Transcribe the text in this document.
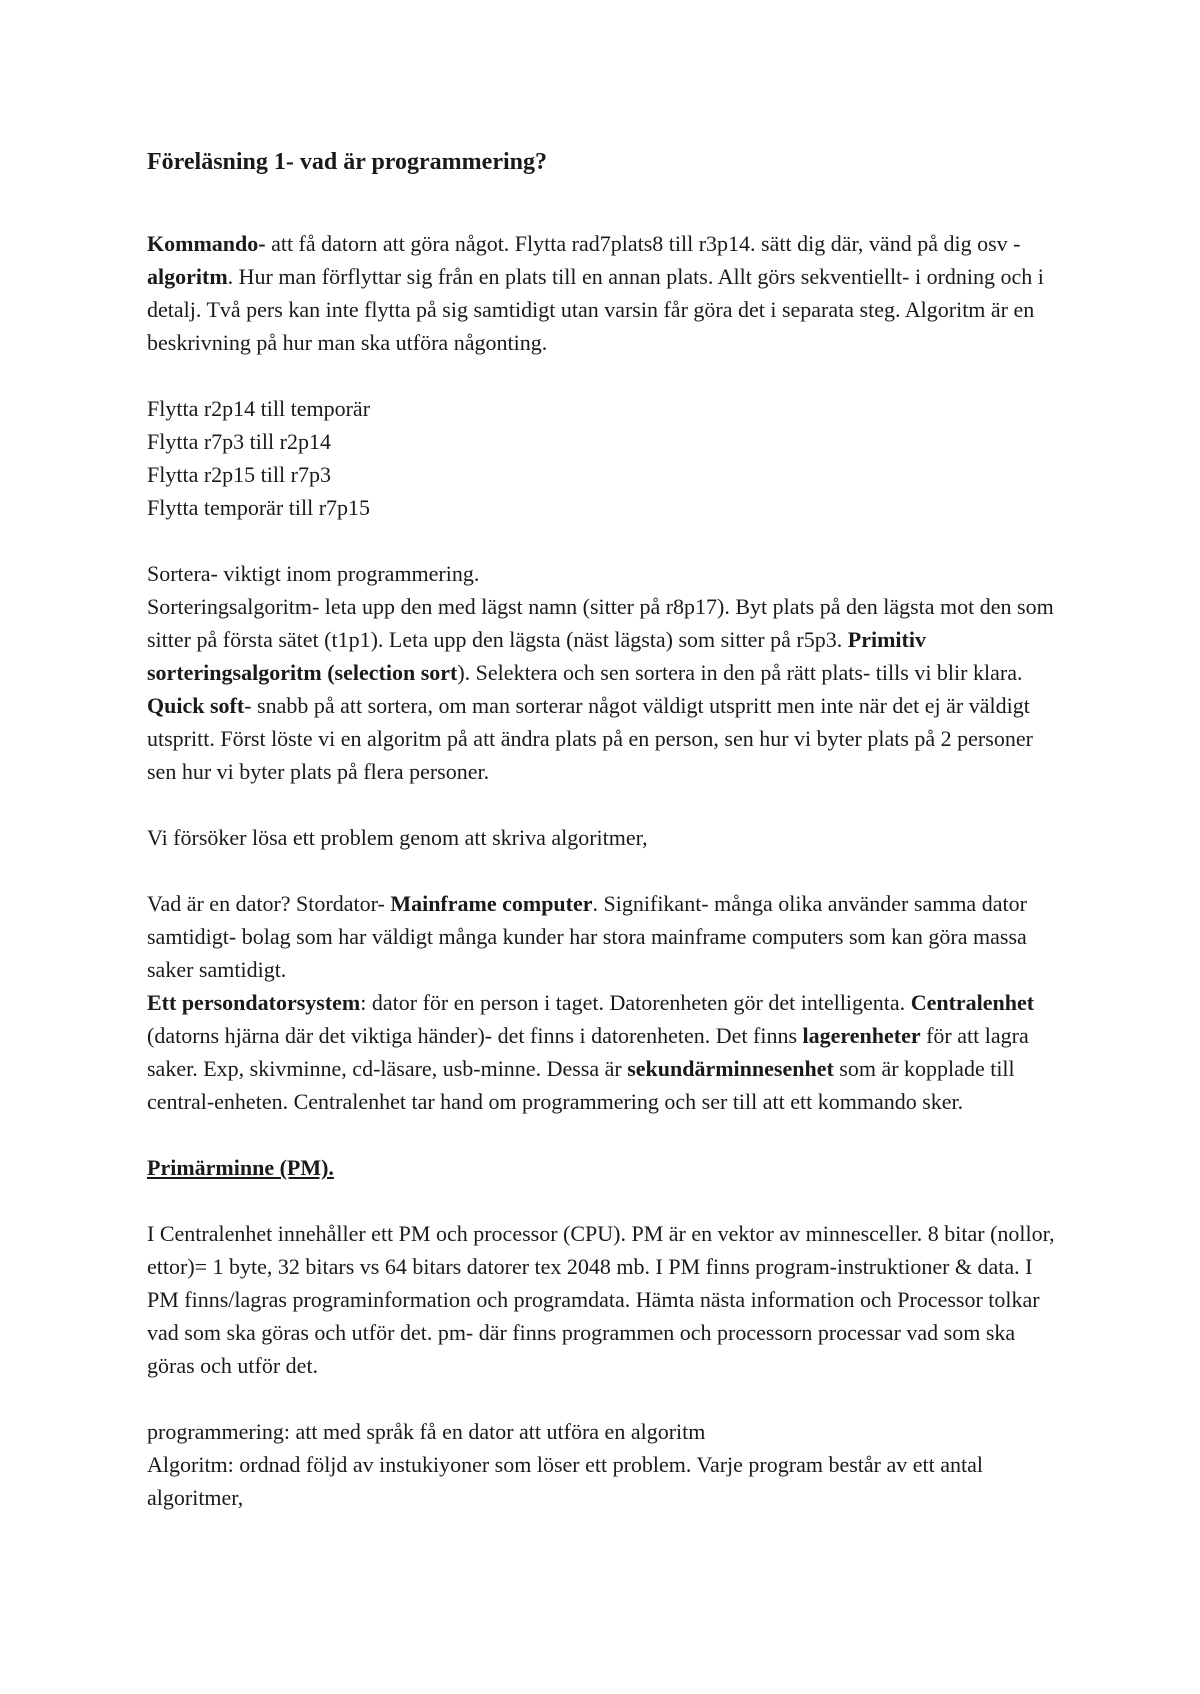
Föreläsning 1- vad är programmering?

Kommando- att få datorn att göra något. Flytta rad7plats8 till r3p14. sätt dig där, vänd på dig osv - algoritm. Hur man förflyttar sig från en plats till en annan plats. Allt görs sekventiellt- i ordning och i detalj. Två pers kan inte flytta på sig samtidigt utan varsin får göra det i separata steg. Algoritm är en beskrivning på hur man ska utföra någonting.

Flytta r2p14 till temporär

Flytta r7p3 till r2p14

Flytta r2p15 till r7p3

Flytta temporär till r7p15

Sortera- viktigt inom programmering.

Sorteringsalgoritm- leta upp den med lägst namn (sitter på r8p17). Byt plats på den lägsta mot den som sitter på första sätet (t1p1). Leta upp den lägsta (näst lägsta) som sitter på r5p3. Primitiv sorteringsalgoritm (selection sort). Selektera och sen sortera in den på rätt plats- tills vi blir klara. Quick soft- snabb på att sortera, om man sorterar något väldigt utspritt men inte när det ej är väldigt utspritt. Först löste vi en algoritm på att ändra plats på en person, sen hur vi byter plats på 2 personer sen hur vi byter plats på flera personer.

Vi försöker lösa ett problem genom att skriva algoritmer,

Vad är en dator? Stordator- Mainframe computer. Signifikant- många olika använder samma dator samtidigt- bolag som har väldigt många kunder har stora mainframe computers som kan göra massa saker samtidigt.

Ett persondatorsystem: dator för en person i taget. Datorenheten gör det intelligenta. Centralenhet (datorns hjärna där det viktiga händer)- det finns i datorenheten. Det finns lagerenheter för att lagra saker. Exp, skivminne, cd-läsare, usb-minne. Dessa är sekundärminnesenhet som är kopplade till central-enheten. Centralenhet tar hand om programmering och ser till att ett kommando sker.

Primärminne (PM).

I Centralenhet innehåller ett PM och processor (CPU). PM är en vektor av minnesceller. 8 bitar (nollor, ettor)= 1 byte, 32 bitars vs 64 bitars datorer tex 2048 mb. I PM finns program-instruktioner & data. I PM finns/lagras programinformation och programdata. Hämta nästa information och Processor tolkar vad som ska göras och utför det. pm- där finns programmen och processorn processar vad som ska göras och utför det.

programmering: att med språk få en dator att utföra en algoritm

Algoritm: ordnad följd av instukiyoner som löser ett problem. Varje program består av ett antal algoritmer,
